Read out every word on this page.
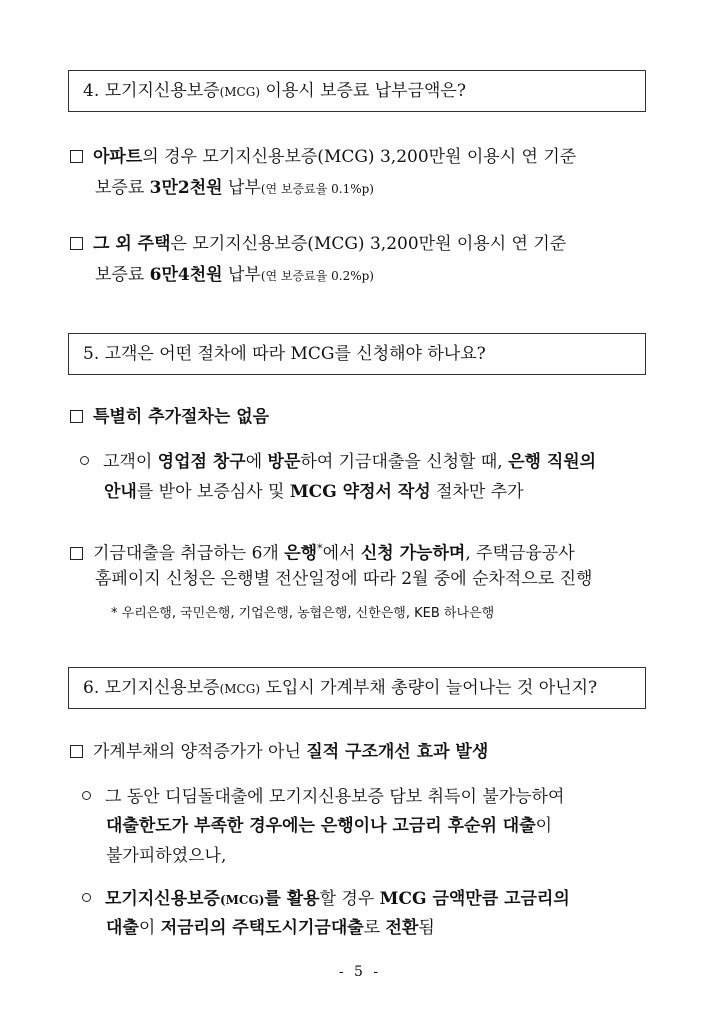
4. 모기지신용보증(MCG) 이용시 보증료 납부금액은?
아파트의 경우 모기지신용보증(MCG) 3,200만원 이용시 연 기준
보증료 3만2천원 납부(연 보증료율 0.1%p)
그 외 주택은 모기지신용보증(MCG) 3,200만원 이용시 연 기준
보증료 6만4천원 납부(연 보증료율 0.2%p)
5. 고객은 어떤 절차에 따라 MCG를 신청해야 하나요?
특별히 추가절차는 없음
고객이 영업점 창구에 방문하여 기금대출을 신청할 때, 은행 직원의
안내를 받아 보증심사 및 MCG 약정서 작성 절차만 추가
기금대출을 취급하는 6개 은행*에서 신청 가능하며, 주택금융공사
홈페이지 신청은 은행별 전산일정에 따라 2월 중에 순차적으로 진행
* 우리은행, 국민은행, 기업은행, 농협은행, 신한은행, KEB 하나은행
6. 모기지신용보증(MCG) 도입시 가계부채 총량이 늘어나는 것 아닌지?
가계부채의 양적증가가 아닌 질적 구조개선 효과 발생
그 동안 디딤돌대출에 모기지신용보증 담보 취득이 불가능하여
대출한도가 부족한 경우에는 은행이나 고금리 후순위 대출이
불가피하였으나,
모기지신용보증(MCG)를 활용할 경우 MCG 금액만큼 고금리의
대출이 저금리의 주택도시기금대출로 전환됨
- 5 -
